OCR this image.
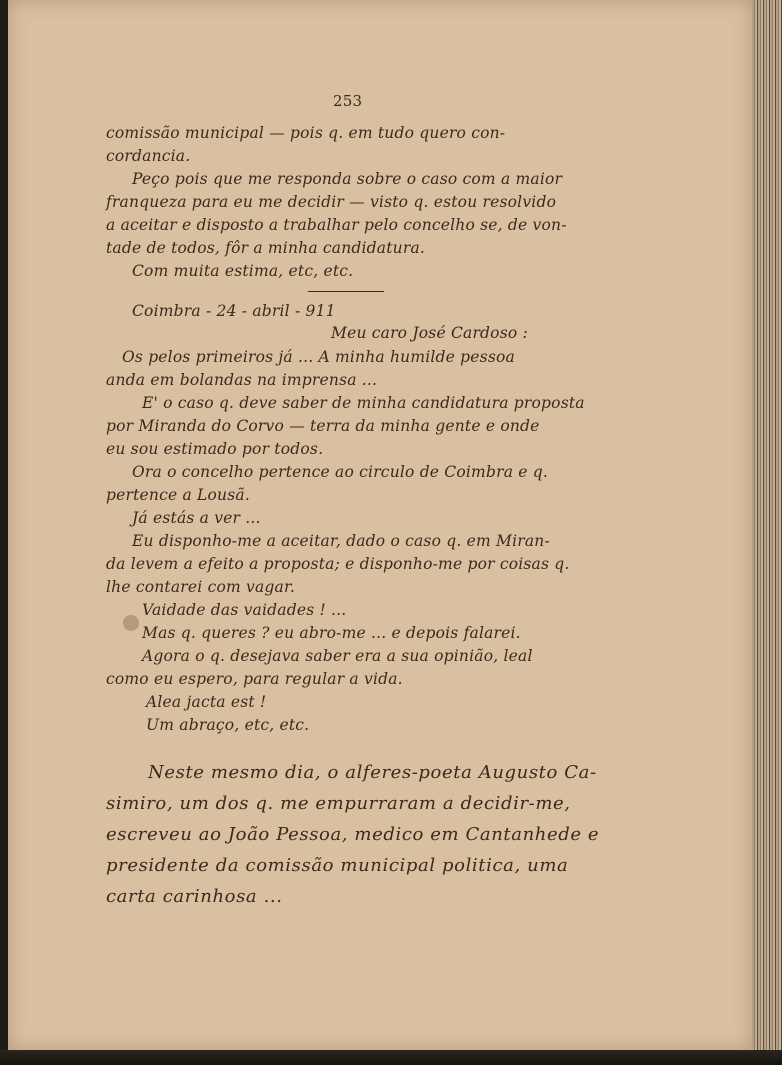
253
comissão municipal — pois q. em tudo quero con-
cordancia.
Peço pois que me responda sobre o caso com a maior
franqueza para eu me decidir — visto q. estou resolvido
a aceitar e disposto a trabalhar pelo concelho se, de von-
tade de todos, fôr a minha candidatura.
Com muita estima, etc, etc.
Coimbra - 24 - abril - 911
Meu caro José Cardoso :
Os pelos primeiros já ... A minha humilde pessoa
anda em bolandas na imprensa ...
E' o caso q. deve saber de minha candidatura proposta
por Miranda do Corvo — terra da minha gente e onde
eu sou estimado por todos.
Ora o concelho pertence ao circulo de Coimbra e q.
pertence a Lousã.
Já estás a ver ...
Eu disponho-me a aceitar, dado o caso q. em Miran-
da levem a efeito a proposta; e disponho-me por coisas q.
lhe contarei com vagar.
Vaidade das vaidades ! ...
Mas q. queres ? eu abro-me ... e depois falarei.
Agora o q. desejava saber era a sua opinião, leal
como eu espero, para regular a vida.
Alea jacta est !
Um abraço, etc, etc.
Neste mesmo dia, o alferes-poeta Augusto Ca-
simiro, um dos q. me empurraram a decidir-me,
escreveu ao João Pessoa, medico em Cantanhede e
presidente da comissão municipal politica, uma
carta carinhosa ...
